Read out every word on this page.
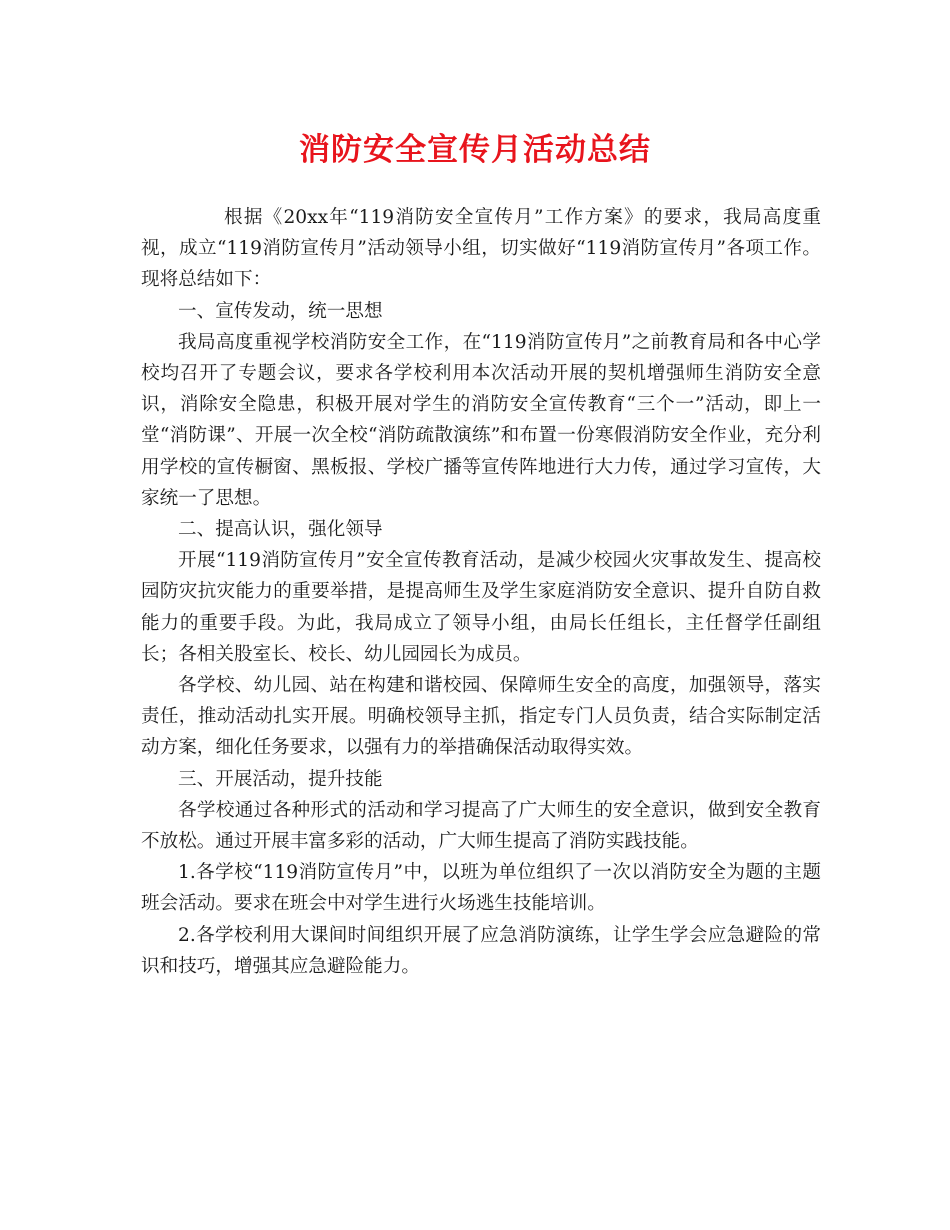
消防安全宣传月活动总结

根据《20xx年“119消防安全宣传月”工作方案》的要求，我局高度重视，成立“119消防宣传月”活动领导小组，切实做好“119消防宣传月”各项工作。现将总结如下：

一、宣传发动，统一思想

我局高度重视学校消防安全工作，在“119消防宣传月”之前教育局和各中心学校均召开了专题会议，要求各学校利用本次活动开展的契机增强师生消防安全意识，消除安全隐患，积极开展对学生的消防安全宣传教育“三个一”活动，即上一堂“消防课”、开展一次全校“消防疏散演练”和布置一份寒假消防安全作业，充分利用学校的宣传橱窗、黑板报、学校广播等宣传阵地进行大力传，通过学习宣传，大家统一了思想。

二、提高认识，强化领导

开展“119消防宣传月”安全宣传教育活动，是减少校园火灾事故发生、提高校园防灾抗灾能力的重要举措，是提高师生及学生家庭消防安全意识、提升自防自救能力的重要手段。为此，我局成立了领导小组，由局长任组长，主任督学任副组长；各相关股室长、校长、幼儿园园长为成员。

各学校、幼儿园、站在构建和谐校园、保障师生安全的高度，加强领导，落实责任，推动活动扎实开展。明确校领导主抓，指定专门人员负责，结合实际制定活动方案，细化任务要求，以强有力的举措确保活动取得实效。

三、开展活动，提升技能

各学校通过各种形式的活动和学习提高了广大师生的安全意识，做到安全教育不放松。通过开展丰富多彩的活动，广大师生提高了消防实践技能。

1.各学校“119消防宣传月”中，以班为单位组织了一次以消防安全为题的主题班会活动。要求在班会中对学生进行火场逃生技能培训。

2.各学校利用大课间时间组织开展了应急消防演练，让学生学会应急避险的常识和技巧，增强其应急避险能力。
